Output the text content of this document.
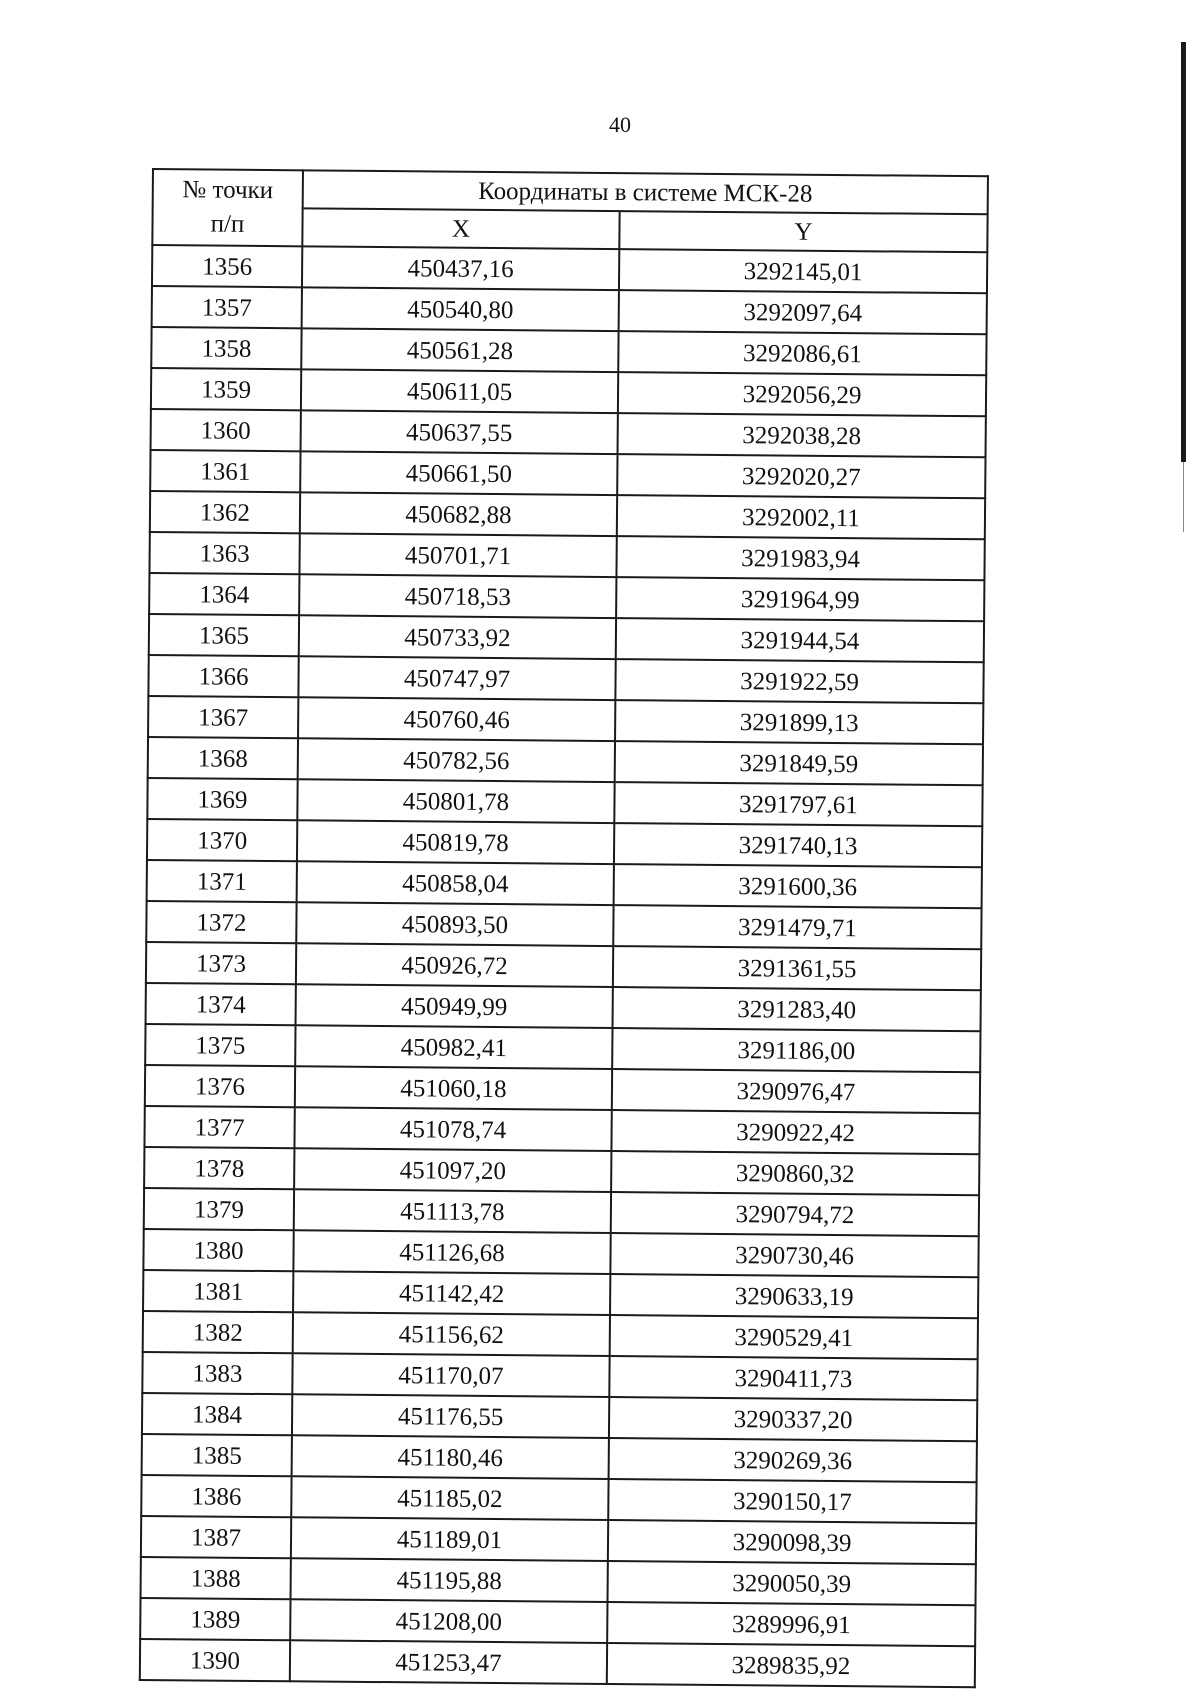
40
№ точки
п/п	Координаты в системе МСК-28	
	X	Y
1356	450437,16	3292145,01
1357	450540,80	3292097,64
1358	450561,28	3292086,61
1359	450611,05	3292056,29
1360	450637,55	3292038,28
1361	450661,50	3292020,27
1362	450682,88	3292002,11
1363	450701,71	3291983,94
1364	450718,53	3291964,99
1365	450733,92	3291944,54
1366	450747,97	3291922,59
1367	450760,46	3291899,13
1368	450782,56	3291849,59
1369	450801,78	3291797,61
1370	450819,78	3291740,13
1371	450858,04	3291600,36
1372	450893,50	3291479,71
1373	450926,72	3291361,55
1374	450949,99	3291283,40
1375	450982,41	3291186,00
1376	451060,18	3290976,47
1377	451078,74	3290922,42
1378	451097,20	3290860,32
1379	451113,78	3290794,72
1380	451126,68	3290730,46
1381	451142,42	3290633,19
1382	451156,62	3290529,41
1383	451170,07	3290411,73
1384	451176,55	3290337,20
1385	451180,46	3290269,36
1386	451185,02	3290150,17
1387	451189,01	3290098,39
1388	451195,88	3290050,39
1389	451208,00	3289996,91
1390	451253,47	3289835,92
